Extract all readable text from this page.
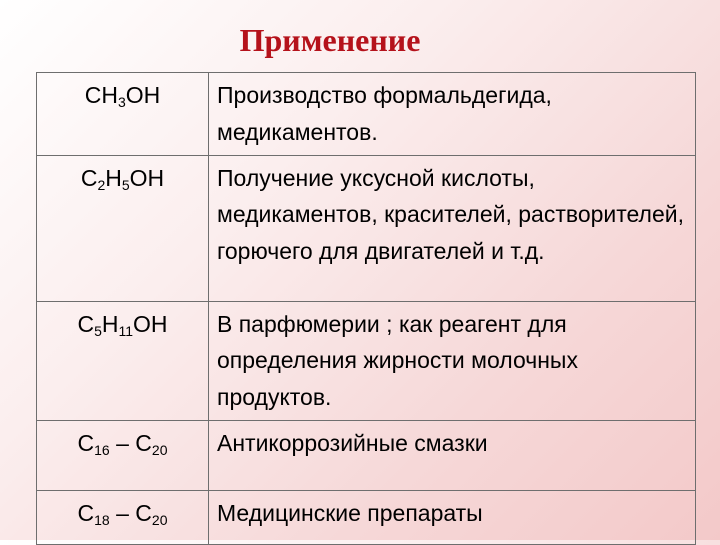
Применение
$CH_3OH$	Производство формальдегида, медикаментов.
$C_2H_5OH$	Получение уксусной кислоты, медикаментов, красителей, растворителей, горючего для двигателей и т.д.
$C_5H_{11}OH$	В парфюмерии ; как реагент для определения жирности молочных продуктов.
$C_{16} - C_{20}$	Антикоррозийные смазки
$C_{18} - C_{20}$	Медицинские препараты
